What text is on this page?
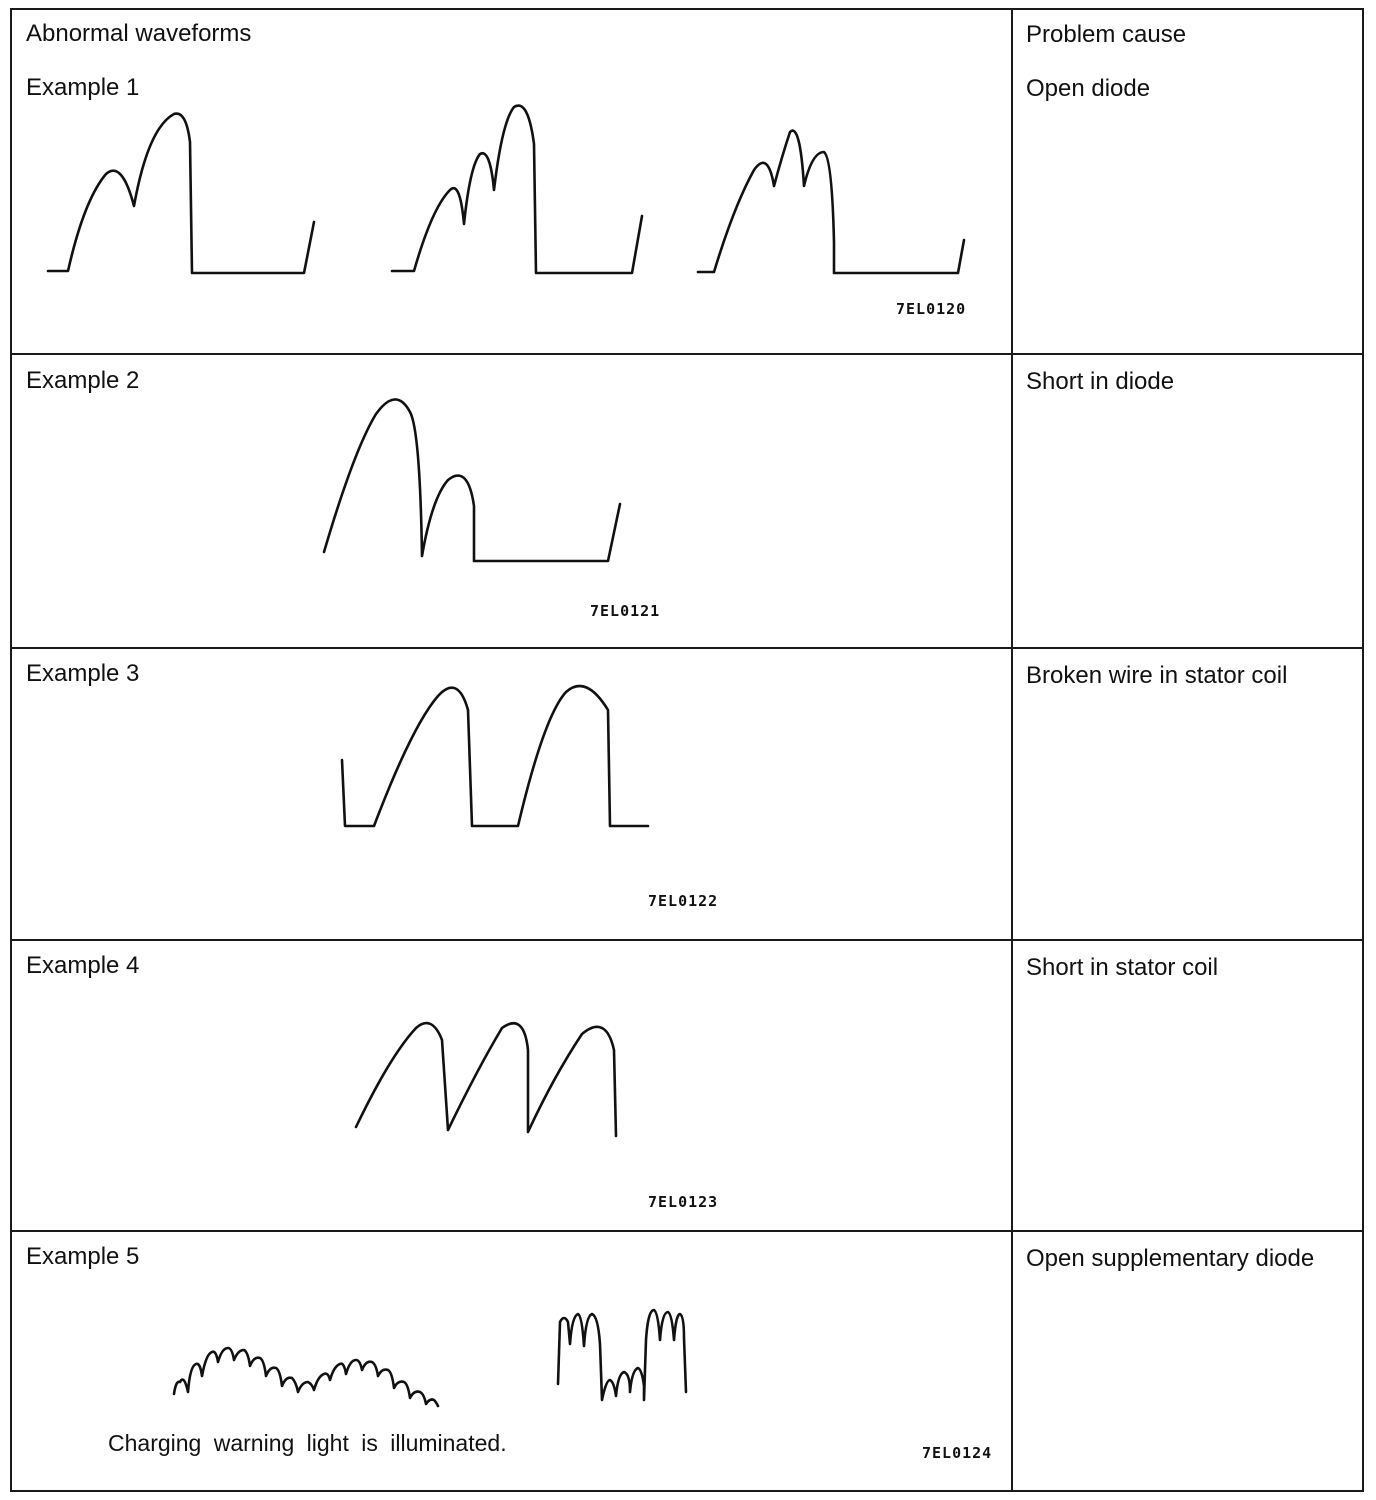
Abnormal waveforms	Problem cause
Example 1	Open diode
7EL0120
Example 2	Short in diode
7EL0121
Example 3	Broken wire in stator coil
7EL0122
Example 4	Short in stator coil
7EL0123
Example 5	Open supplementary diode
Charging warning light is illuminated.	7EL0124
